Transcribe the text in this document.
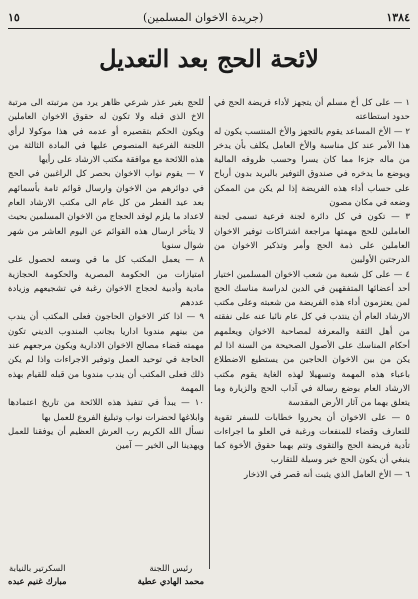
١٣٨٤
(جريدة الاخوان المسلمين)
١٥
لائحة الحج بعد التعديل

١ — على كل أخ مسلم أن يتجهز لأداء فريضة الحج في حدود استطاعته

٢ — الأخ المساعد يقوم بالتجهز والأخ المنتسب يكون له هذا الأمر عند كل مناسبة والأخ العامل يكلف بأن يدخر من ماله جزءا مما كان يسرا وحسب ظروفه المالية ويوضع ما يدخره في صندوق التوفير بالبريد بدون أرباح على حساب أداء هذه الفريضة إذا لم يكن من الممكن وضعه في مكان مصون

٣ — تكون في كل دائرة لجنة فرعية تسمى لجنة العاملين للحج مهمتها مراجعة اشتراكات توفير الاخوان العاملين على ذمة الحج وأمر وتذكير الاخوان من الدرجتين الأوليين

٤ — على كل شعبة من شعب الاخوان المسلمين اختيار أحد أعضائها المتفقهين في الدين لدراسة مناسك الحج لمن يعتزمون أداء هذه الفريضة من شعبته وعلى مكتب الارشاد العام أن ينتدب في كل عام نائبا عنه على نفقته من أهل الثقة والمعرفة لمصاحبة الاخوان ويعلمهم أحكام المناسك على الأصول الصحيحة من السنة اذا لم يكن من بين الاخوان الحاجين من يستطيع الاضطلاع باعباء هذه المهمة وتسهيلا لهذه الغاية يقوم مكتب الارشاد العام بوضع رسالة في آداب الحج والزيارة وما يتعلق بهما من آثار الأرض المقدسة

٥ — على الاخوان أن يحرروا خطابات للسفر تقوية للتعارف وقضاء للمنفعات ورغبة في العلو ما اجراءات تأدية فريضة الحج والتقوى وتتم بهما حقوق الأخوة كما ينبغي أن يكون الحج خير وسيلة للتقارب

٦ — الأخ العامل الذي يثبت أنه قصر في الاذخار

للحج بغير عذر شرعي ظاهر يرد من مرتبته الى مرتبة الاخ الذي قبله ولا تكون له حقوق الاخوان العاملين ويكون الحكم بتقصيره أو عدمه في هذا موكولا لرأي اللجنة الفرعية المنصوص عليها في المادة الثالثة من هذه اللائحة مع موافقة مكتب الارشاد على رأيها

٧ — يقوم نواب الاخوان بحصر كل الراغبين في الحج في دوائرهم من الاخوان وارسال قوائم تامة بأسمائهم بعد عيد الفطر من كل عام الى مكتب الارشاد العام لاعداد ما يلزم لوفد الحجاج من الاخوان المسلمين بحيث لا يتأخر ارسال هذه القوائم عن اليوم العاشر من شهر شوال سنويا

٨ — يعمل المكتب كل ما في وسعه لحصول على امتيازات من الحكومة المصرية والحكومة الحجازية مادية وأدبية لحجاج الاخوان رغبة في تشجيعهم وزيادة عددهم

٩ — اذا كثر الاخوان الحاجون فعلى المكتب أن يندب من بينهم مندوبا اداريا بجانب المندوب الديني تكون مهمته قضاء مصالح الاخوان الادارية ويكون مرجعهم عند الحاجة في توحيد العمل وتوفير الاجراءات واذا لم يكن ذلك فعلى المكتب أن يندب مندوبا من قبله للقيام بهذه المهمة

١٠ — يبدأ في تنفيذ هذه اللائحة من تاريخ اعتمادها وابلاغها لحضرات نواب وتبليغ الفروع للعمل بها

نسأل الله الكريم رب العرش العظيم أن يوفقنا للعمل ويهدينا الى الخير — آمين

رئيس اللجنة
محمد الهادي عطية
السكرتير بالنيابة
مبارك غنيم عبده
